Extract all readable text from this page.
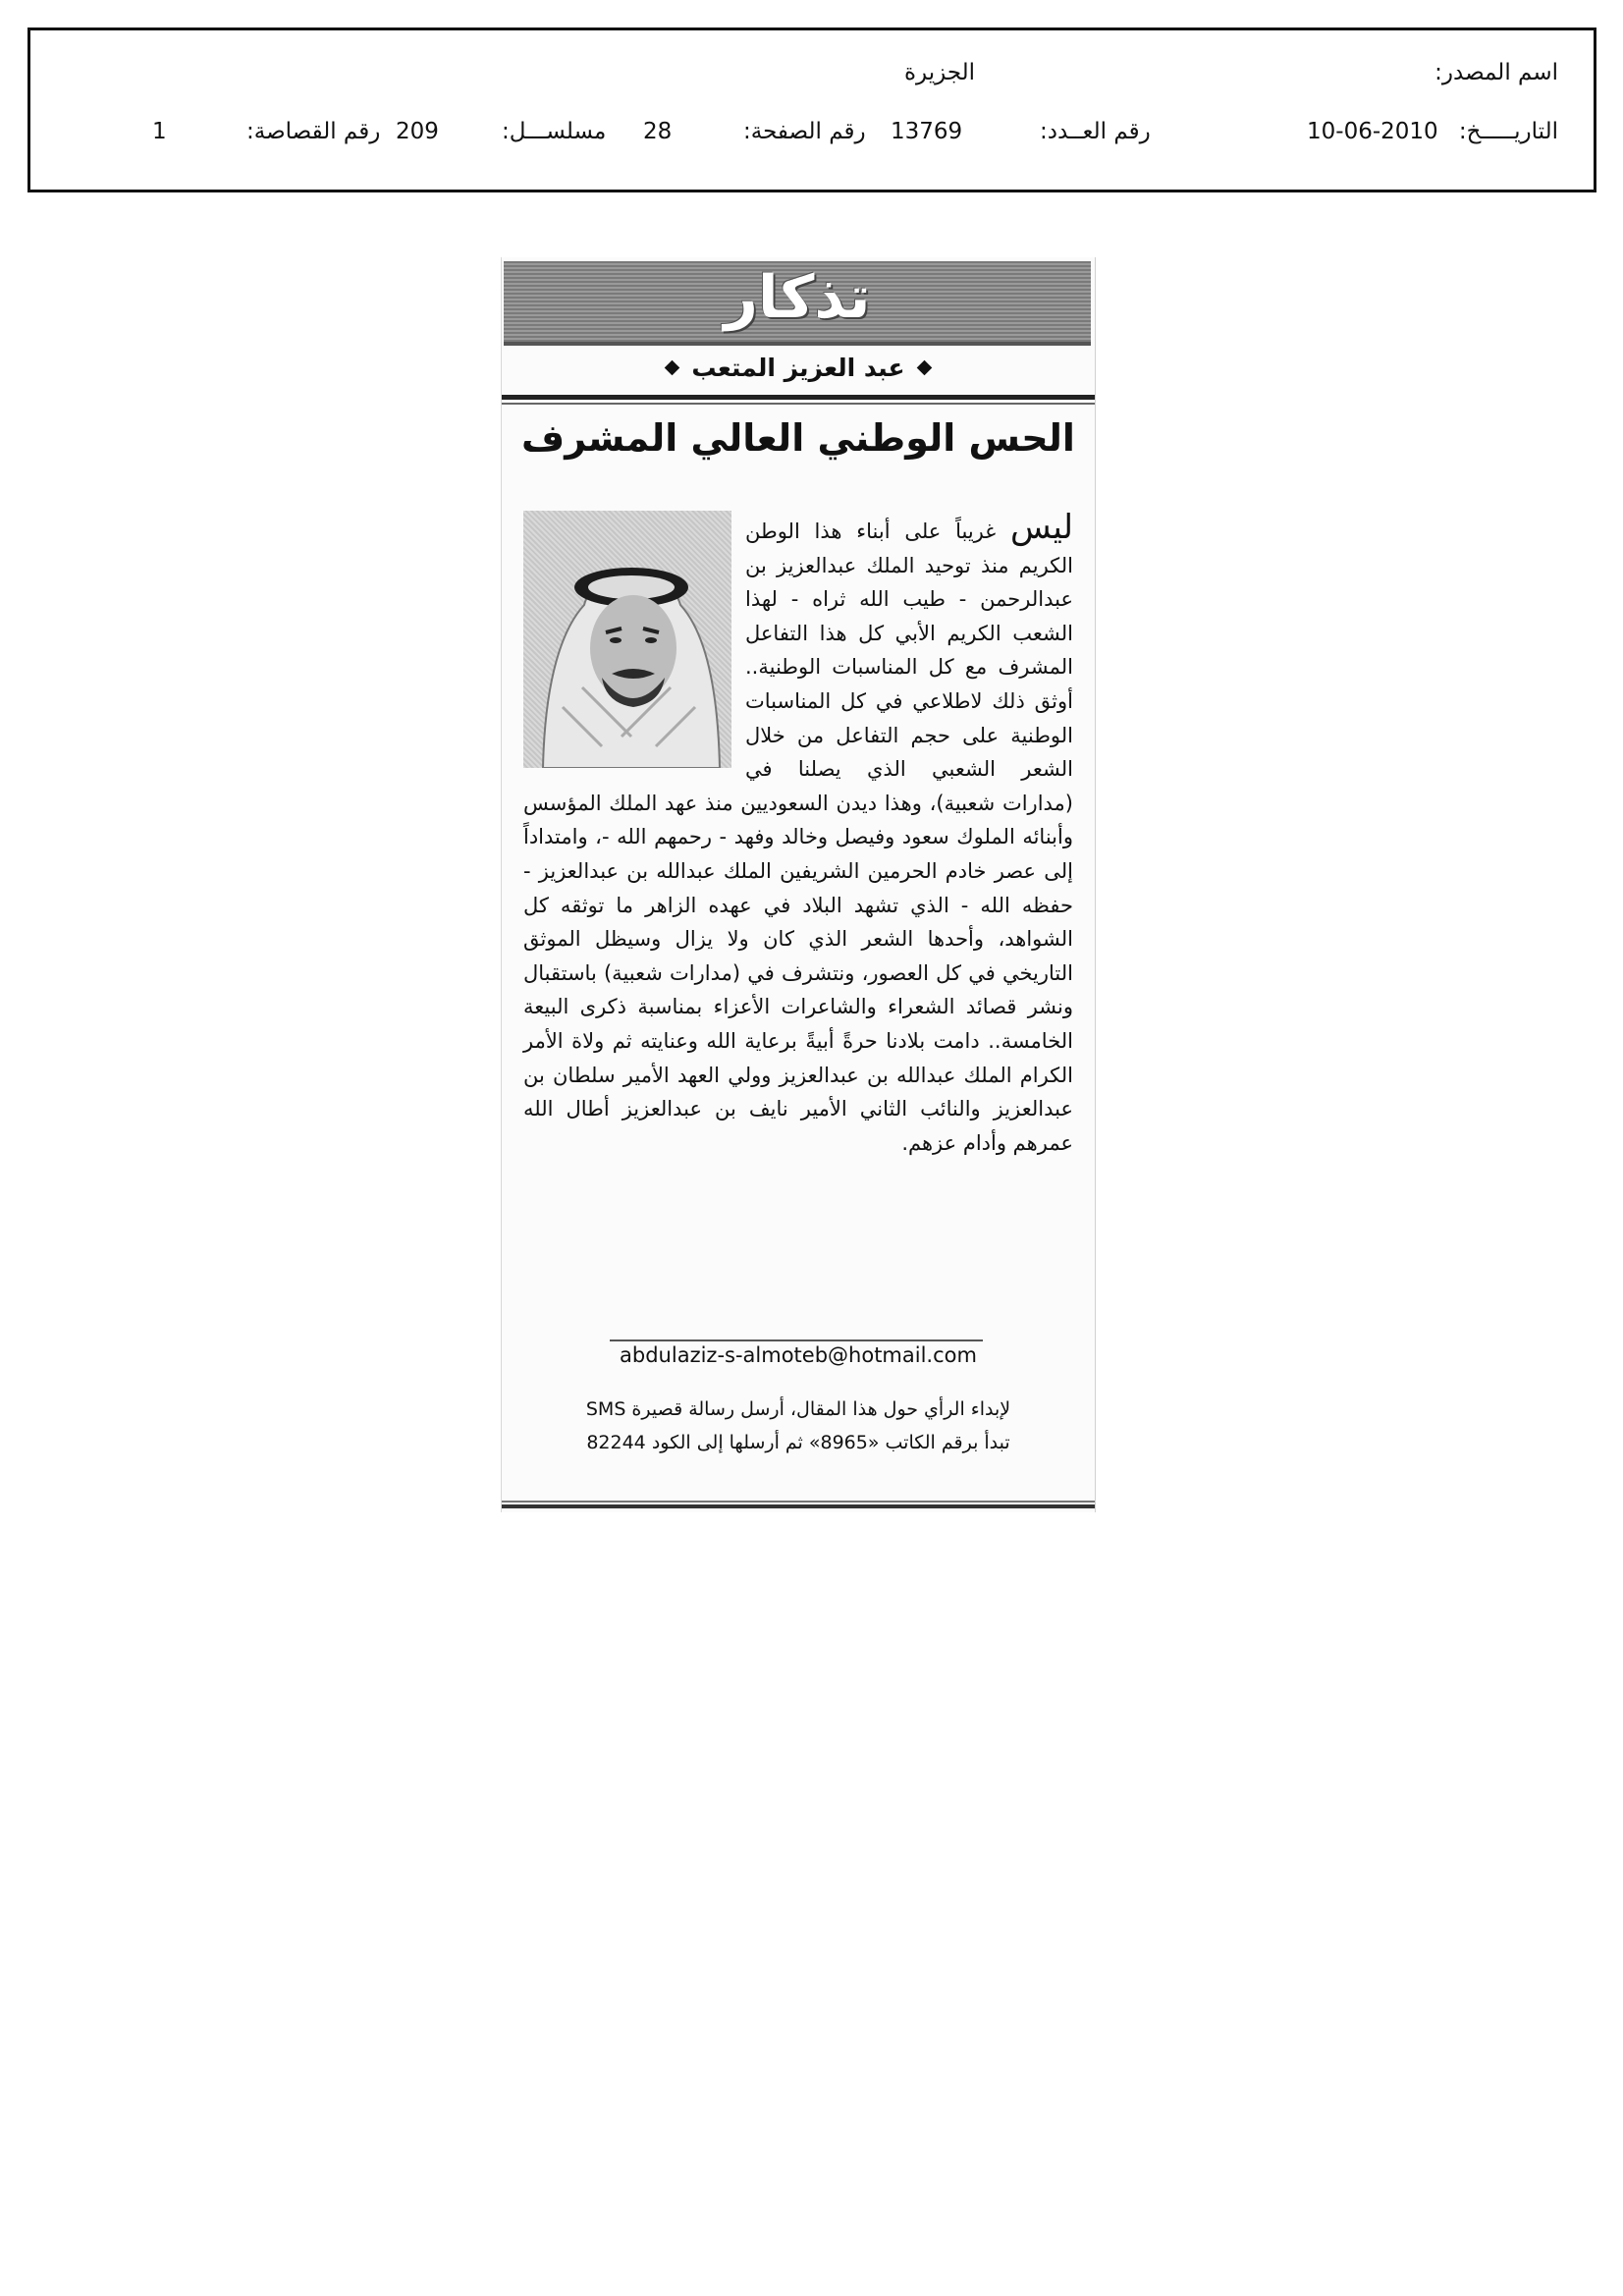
اسم المصدر:
الجزيرة
التاريـــــخ:
10-06-2010
رقم العــدد:
13769
رقم الصفحة:
28
مسلســـل:
209
رقم القصاصة:
1
تذكار
عبد العزيز المتعب
الحس الوطني العالي المشرف
ليس غريباً على أبناء هذا الوطن الكريم منذ توحيد الملك عبدالعزيز بن عبدالرحمن - طيب الله ثراه - لهذا الشعب الكريم الأبي كل هذا التفاعل المشرف مع كل المناسبات الوطنية.. أوثق ذلك لاطلاعي في كل المناسبات الوطنية على حجم التفاعل من خلال الشعر الشعبي الذي يصلنا في (مدارات شعبية)، وهذا ديدن السعوديين منذ عهد الملك المؤسس وأبنائه الملوك سعود وفيصل وخالد وفهد - رحمهم الله -، وامتداداً إلى عصر خادم الحرمين الشريفين الملك عبدالله بن عبدالعزيز - حفظه الله - الذي تشهد البلاد في عهده الزاهر ما توثقه كل الشواهد، وأحدها الشعر الذي كان ولا يزال وسيظل الموثق التاريخي في كل العصور، ونتشرف في (مدارات شعبية) باستقبال ونشر قصائد الشعراء والشاعرات الأعزاء بمناسبة ذكرى البيعة الخامسة.. دامت بلادنا حرةً أبيةً برعاية الله وعنايته ثم ولاة الأمر الكرام الملك عبدالله بن عبدالعزيز وولي العهد الأمير سلطان بن عبدالعزيز والنائب الثاني الأمير نايف بن عبدالعزيز أطال الله عمرهم وأدام عزهم.
abdulaziz-s-almoteb@hotmail.com
لإبداء الرأي حول هذا المقال، أرسل رسالة قصيرة SMS
تبدأ برقم الكاتب «8965» ثم أرسلها إلى الكود 82244
